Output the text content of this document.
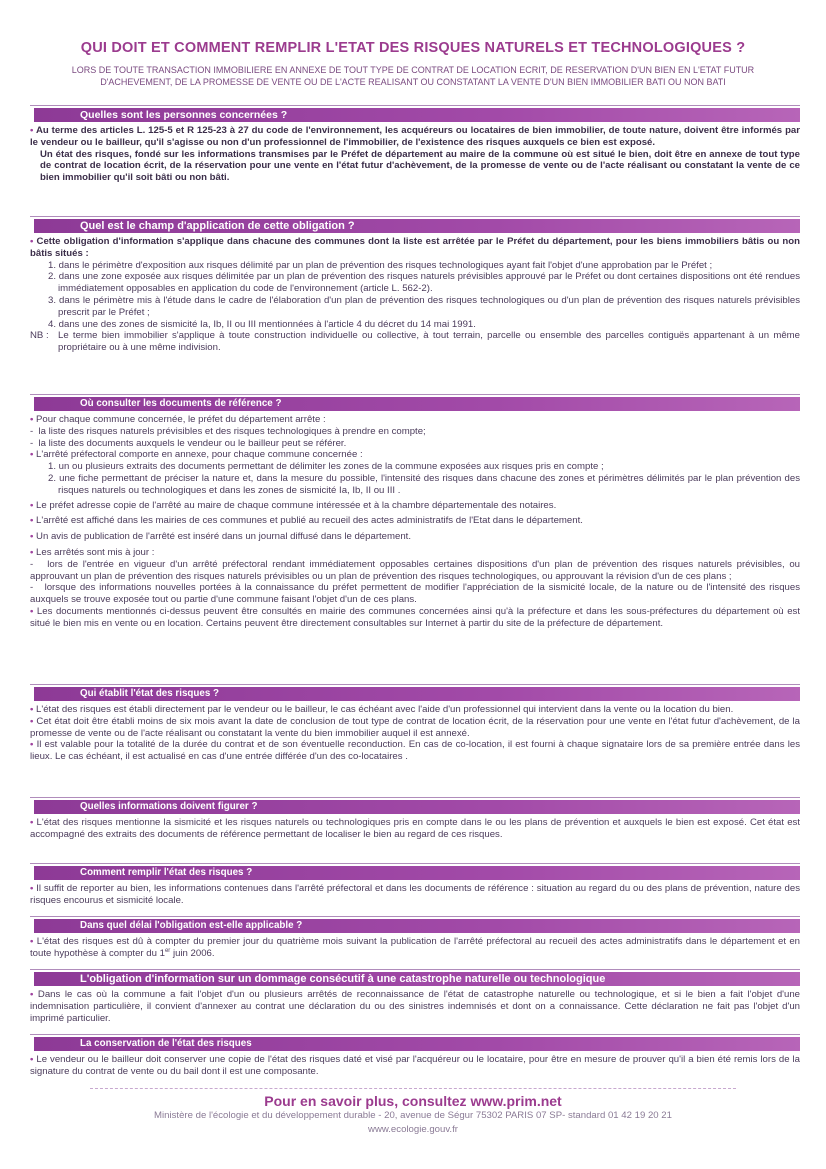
QUI DOIT ET COMMENT REMPLIR L'ETAT DES RISQUES NATURELS ET TECHNOLOGIQUES ?
LORS DE TOUTE TRANSACTION IMMOBILIERE EN ANNEXE DE TOUT TYPE DE CONTRAT DE LOCATION ECRIT, DE RESERVATION D'UN BIEN EN L'ETAT FUTUR D'ACHEVEMENT, DE LA PROMESSE DE VENTE OU DE L'ACTE REALISANT OU CONSTATANT LA VENTE D'UN BIEN IMMOBILIER BATI OU NON BATI
Quelles sont les personnes concernées ?

• Au terme des articles L. 125-5 et R 125-23 à 27 du code de l'environnement, les acquéreurs ou locataires de bien immobilier, de toute nature, doivent être informés par le vendeur ou le bailleur, qu'il s'agisse ou non d'un professionnel de l'immobilier, de l'existence des risques auxquels ce bien est exposé.

Un état des risques, fondé sur les informations transmises par le Préfet de département au maire de la commune où est situé le bien, doit être en annexe de tout type de contrat de location écrit, de la réservation pour une vente en l'état futur d'achèvement, de la promesse de vente ou de l'acte réalisant ou constatant la vente de ce bien immobilier qu'il soit bâti ou non bâti.

Quel est le champ d'application de cette obligation ?

• Cette obligation d'information s'applique dans chacune des communes dont la liste est arrêtée par le Préfet du département, pour les biens immobiliers bâtis ou non bâtis situés :

1. dans le périmètre d'exposition aux risques délimité par un plan de prévention des risques technologiques ayant fait l'objet d'une approbation par le Préfet ;

2. dans une zone exposée aux risques délimitée par un plan de prévention des risques naturels prévisibles approuvé par le Préfet ou dont certaines dispositions ont été rendues immédiatement opposables en application du code de l'environnement (article L. 562-2).

3. dans le périmètre mis à l'étude dans le cadre de l'élaboration d'un plan de prévention des risques technologiques ou d'un plan de prévention des risques naturels prévisibles prescrit par le Préfet ;

4. dans une des zones de sismicité Ia, Ib, II ou III mentionnées à l'article 4 du décret du 14 mai 1991.

NB : Le terme bien immobilier s'applique à toute construction individuelle ou collective, à tout terrain, parcelle ou ensemble des parcelles contiguës appartenant à un même propriétaire ou à une même indivision.
Où consulter les documents de référence ?

• Pour chaque commune concernée, le préfet du département arrête :

- la liste des risques naturels prévisibles et des risques technologiques à prendre en compte;

- la liste des documents auxquels le vendeur ou le bailleur peut se référer.

• L'arrêté préfectoral comporte en annexe, pour chaque commune concernée :

1. un ou plusieurs extraits des documents permettant de délimiter les zones de la commune exposées aux risques pris en compte ;

2. une fiche permettant de préciser la nature et, dans la mesure du possible, l'intensité des risques dans chacune des zones et périmètres délimités par le plan prévention des risques naturels ou technologiques et dans les zones de sismicité Ia, Ib, II ou III .

• Le préfet adresse copie de l'arrêté au maire de chaque commune intéressée et à la chambre départementale des notaires.

• L'arrêté est affiché dans les mairies de ces communes et publié au recueil des actes administratifs de l'Etat dans le département.

• Un avis de publication de l'arrêté est inséré dans un journal diffusé dans le département.

• Les arrêtés sont mis à jour :

- lors de l'entrée en vigueur d'un arrêté préfectoral rendant immédiatement opposables certaines dispositions d'un plan de prévention des risques naturels prévisibles, ou approuvant un plan de prévention des risques naturels prévisibles ou un plan de prévention des risques technologiques, ou approuvant la révision d'un de ces plans ;

- lorsque des informations nouvelles portées à la connaissance du préfet permettent de modifier l'appréciation de la sismicité locale, de la nature ou de l'intensité des risques auxquels se trouve exposée tout ou partie d'une commune faisant l'objet d'un de ces plans.

• Les documents mentionnés ci-dessus peuvent être consultés en mairie des communes concernées ainsi qu'à la préfecture et dans les sous-préfectures du département où est situé le bien mis en vente ou en location. Certains peuvent être directement consultables sur Internet à partir du site de la préfecture de département.

Qui établit l'état des risques ?

• L'état des risques est établi directement par le vendeur ou le bailleur, le cas échéant avec l'aide d'un professionnel qui intervient dans la vente ou la location du bien.

• Cet état doit être établi moins de six mois avant la date de conclusion de tout type de contrat de location écrit, de la réservation pour une vente en l'état futur d'achèvement, de la promesse de vente ou de l'acte réalisant ou constatant la vente du bien immobilier auquel il est annexé.

• Il est valable pour la totalité de la durée du contrat et de son éventuelle reconduction. En cas de co-location, il est fourni à chaque signataire lors de sa première entrée dans les lieux. Le cas échéant, il est actualisé en cas d'une entrée différée d'un des co-locataires .

Quelles informations doivent figurer ?

• L'état des risques mentionne la sismicité et les risques naturels ou technologiques pris en compte dans le ou les plans de prévention et auxquels le bien est exposé. Cet état est accompagné des extraits des documents de référence permettant de localiser le bien au regard de ces risques.

Comment remplir l'état des risques ?

• Il suffit de reporter au bien, les informations contenues dans l'arrêté préfectoral et dans les documents de référence : situation au regard du ou des plans de prévention, nature des risques encourus et sismicité locale.

Dans quel délai l'obligation est-elle applicable ?

• L'état des risques est dû à compter du premier jour du quatrième mois suivant la publication de l'arrêté préfectoral au recueil des actes administratifs dans le département et en toute hypothèse à compter du 1er juin 2006.

L'obligation d'information sur un dommage consécutif à une catastrophe naturelle ou technologique

• Dans le cas où la commune a fait l'objet d'un ou plusieurs arrêtés de reconnaissance de l'état de catastrophe naturelle ou technologique, et si le bien a fait l'objet d'une indemnisation particulière, il convient d'annexer au contrat une déclaration du ou des sinistres indemnisés et dont on a connaissance. Cette déclaration ne fait pas l'objet d'un imprimé particulier.

La conservation de l'état des risques

• Le vendeur ou le bailleur doit conserver une copie de l'état des risques daté et visé par l'acquéreur ou le locataire, pour être en mesure de prouver qu'il a bien été remis lors de la signature du contrat de vente ou du bail dont il est une composante.

Pour en savoir plus, consultez www.prim.net
Ministère de l'écologie et du développement durable - 20, avenue de Ségur 75302 PARIS 07 SP- standard 01 42 19 20 21
www.ecologie.gouv.fr
